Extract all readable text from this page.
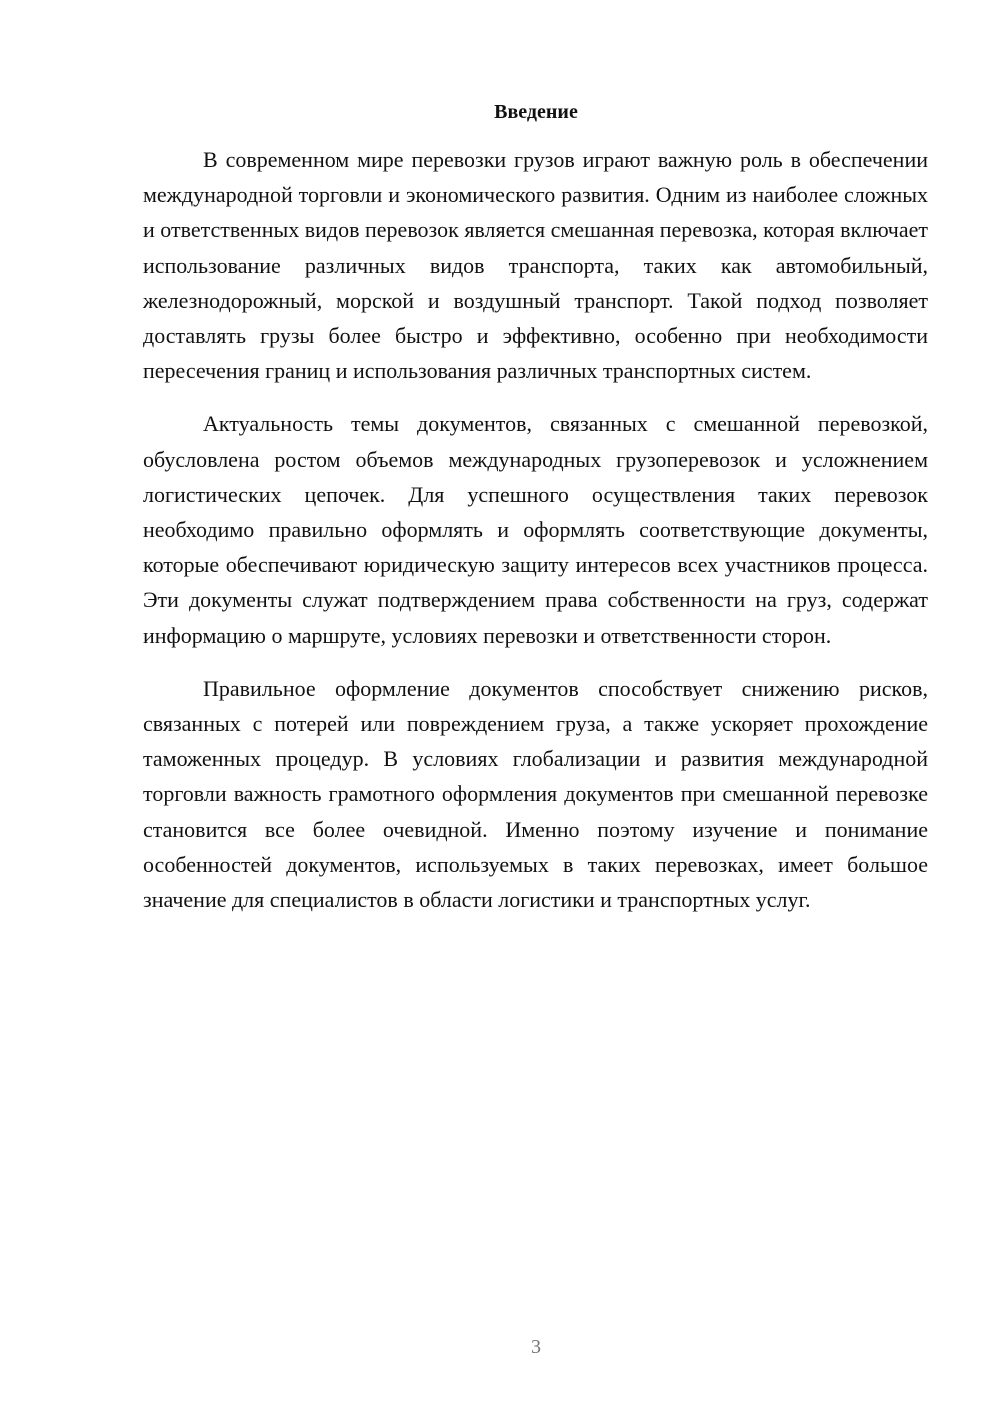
Введение

В современном мире перевозки грузов играют важную роль в обеспечении международной торговли и экономического развития. Одним из наиболее сложных и ответственных видов перевозок является смешанная перевозка, которая включает использование различных видов транспорта, таких как автомобильный, железнодорожный, морской и воздушный транспорт. Такой подход позволяет доставлять грузы более быстро и эффективно, особенно при необходимости пересечения границ и использования различных транспортных систем.

Актуальность темы документов, связанных с смешанной перевозкой, обусловлена ростом объемов международных грузоперевозок и усложнением логистических цепочек. Для успешного осуществления таких перевозок необходимо правильно оформлять и оформлять соответствующие документы, которые обеспечивают юридическую защиту интересов всех участников процесса. Эти документы служат подтверждением права собственности на груз, содержат информацию о маршруте, условиях перевозки и ответственности сторон.

Правильное оформление документов способствует снижению рисков, связанных с потерей или повреждением груза, а также ускоряет прохождение таможенных процедур. В условиях глобализации и развития международной торговли важность грамотного оформления документов при смешанной перевозке становится все более очевидной. Именно поэтому изучение и понимание особенностей документов, используемых в таких перевозках, имеет большое значение для специалистов в области логистики и транспортных услуг.

3
